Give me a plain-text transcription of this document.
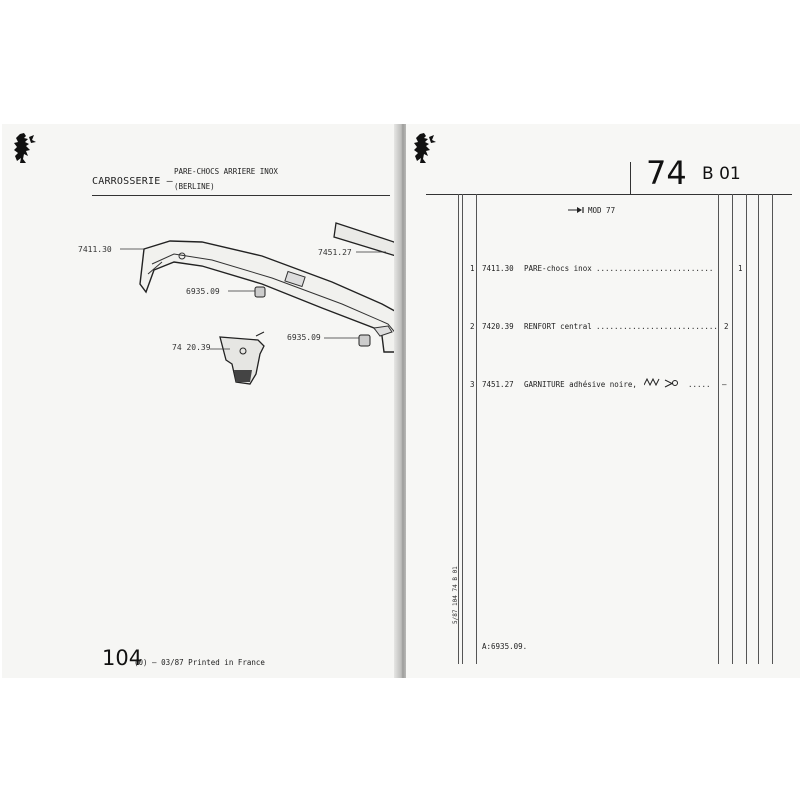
CARROSSERIE –
PARE-CHOCS ARRIERE INOX
(BERLINE)
7411.30	7451.27
6935.09
6935.09
74 20.39
104
(0) – 03/87 Printed in France
74 B 01
MOD 77
1 7411.30 PARE-chocs inox ..........................	1
2 7420.39 RENFORT central ........................... 2
3 7451.27 GARNITURE adhésive noire,	..... –
5/87 104 74 B 01
A:6935.09.
